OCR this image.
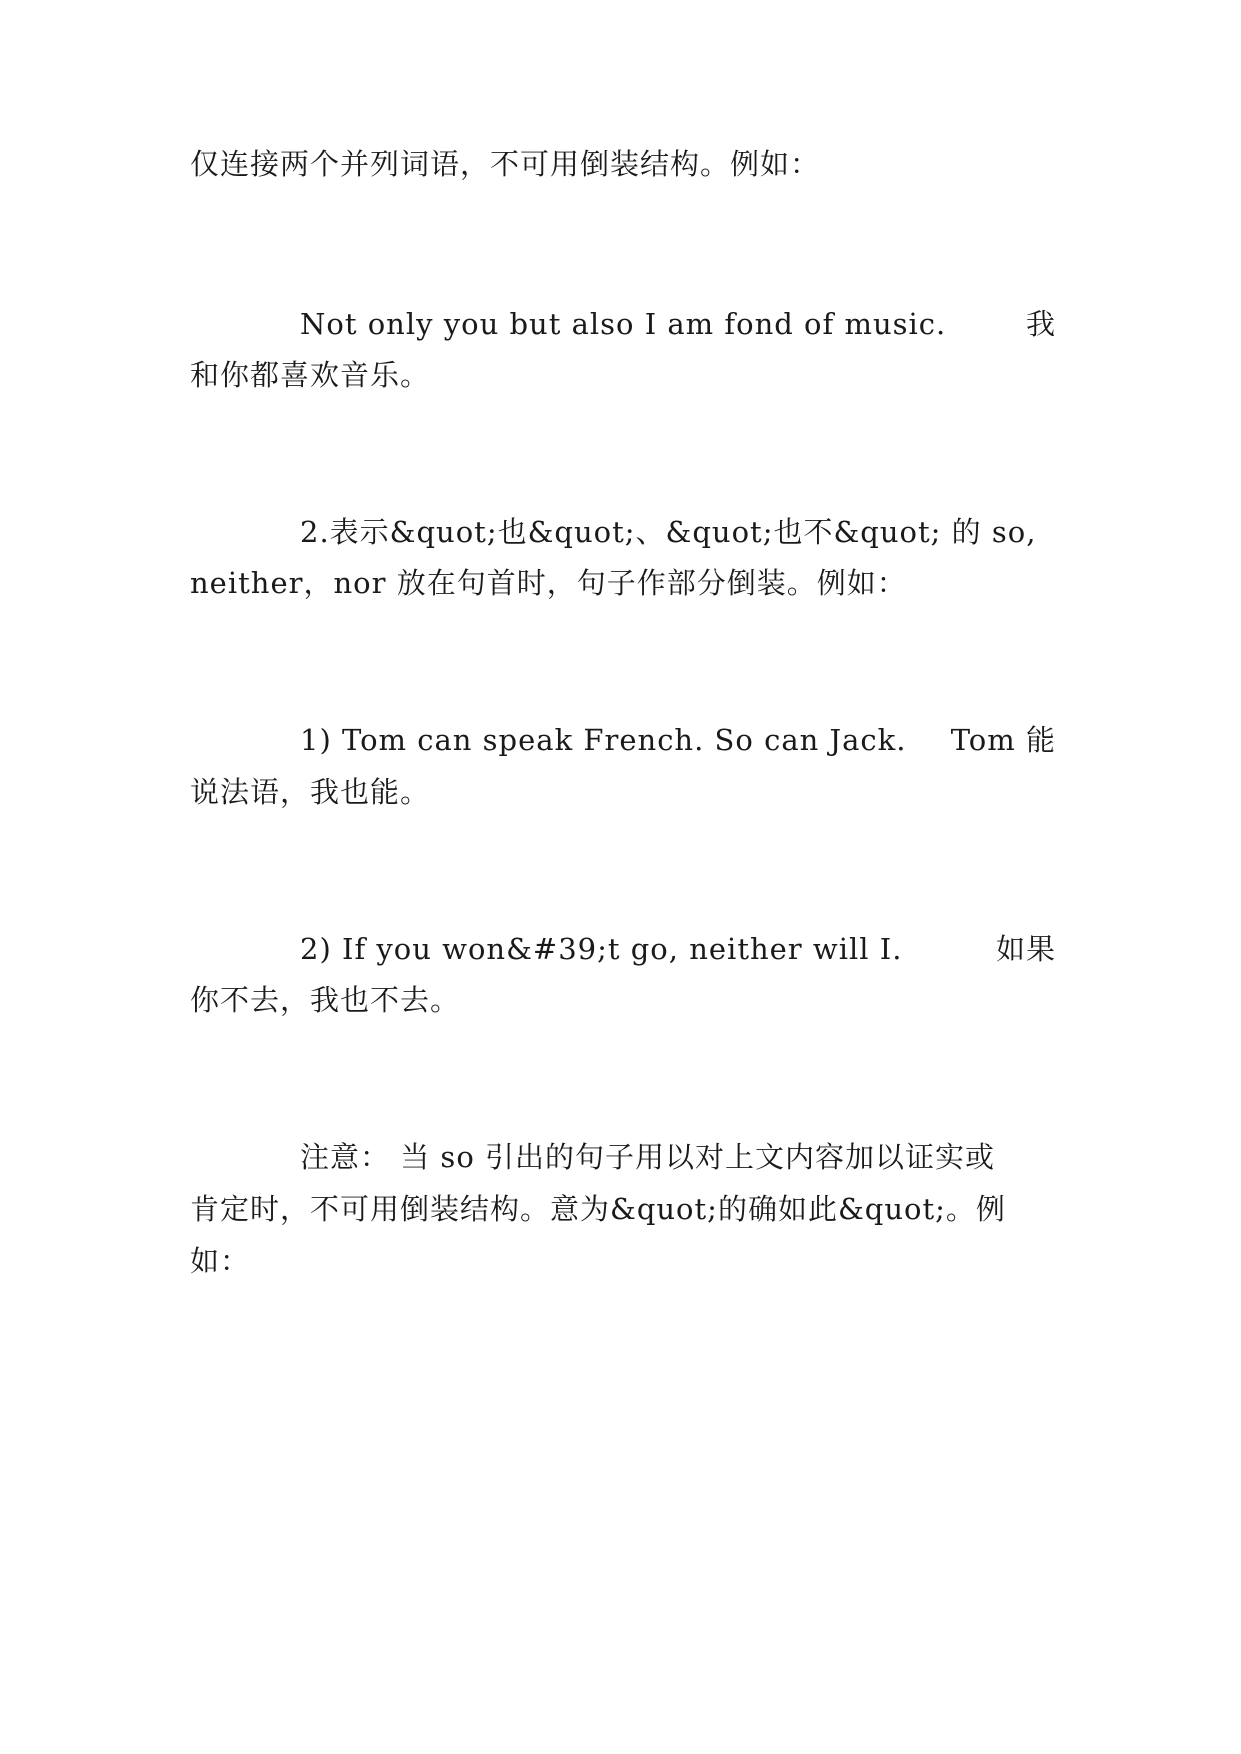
仅连接两个并列词语，不可用倒装结构。例如：
Not only you but also I am fond of music.	我
和你都喜欢音乐。
2.表示&quot;也&quot;、&quot;也不&quot; 的 so,
neither，nor 放在句首时，句子作部分倒装。例如：
1) Tom can speak French. So can Jack. Tom 能
说法语，我也能。
2) If you won&#39;t go, neither will I.	如果
你不去，我也不去。
注意： 当 so 引出的句子用以对上文内容加以证实或
肯定时，不可用倒装结构。意为&quot;的确如此&quot;。例
如：
